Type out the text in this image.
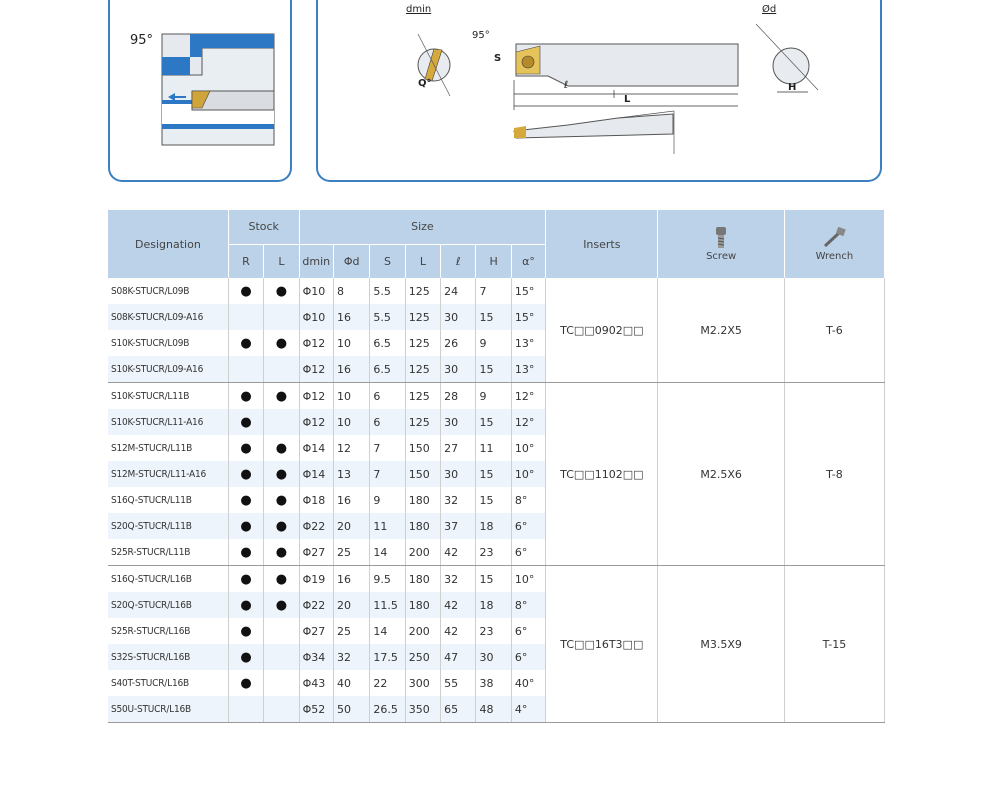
95°
dmin
95°
S
Q°	ℓ
L
Ød
H
Designation	Stock		Size							Inserts	Screw	Wrench
	R	L	dmin	Φd	S	L	ℓ	H	α°			
S08K-STUCR/L09B	●	●	Φ10	8	5.5	125	24	7	15°	TC□□0902□□	M2.2X5	T-6
S08K-STUCR/L09-A16			Φ10	16	5.5	125	30	15	15°			
S10K-STUCR/L09B	●	●	Φ12	10	6.5	125	26	9	13°			
S10K-STUCR/L09-A16			Φ12	16	6.5	125	30	15	13°			
S10K-STUCR/L11B	●	●	Φ12	10	6	125	28	9	12°	TC□□1102□□	M2.5X6	T-8
S10K-STUCR/L11-A16	●		Φ12	10	6	125	30	15	12°			
S12M-STUCR/L11B	●	●	Φ14	12	7	150	27	11	10°			
S12M-STUCR/L11-A16	●	●	Φ14	13	7	150	30	15	10°			
S16Q-STUCR/L11B	●	●	Φ18	16	9	180	32	15	8°			
S20Q-STUCR/L11B	●	●	Φ22	20	11	180	37	18	6°			
S25R-STUCR/L11B	●	●	Φ27	25	14	200	42	23	6°			
S16Q-STUCR/L16B	●	●	Φ19	16	9.5	180	32	15	10°	TC□□16T3□□	M3.5X9	T-15
S20Q-STUCR/L16B	●	●	Φ22	20	11.5	180	42	18	8°			
S25R-STUCR/L16B	●		Φ27	25	14	200	42	23	6°			
S32S-STUCR/L16B	●		Φ34	32	17.5	250	47	30	6°			
S40T-STUCR/L16B	●		Φ43	40	22	300	55	38	40°			
S50U-STUCR/L16B			Φ52	50	26.5	350	65	48	4°			
